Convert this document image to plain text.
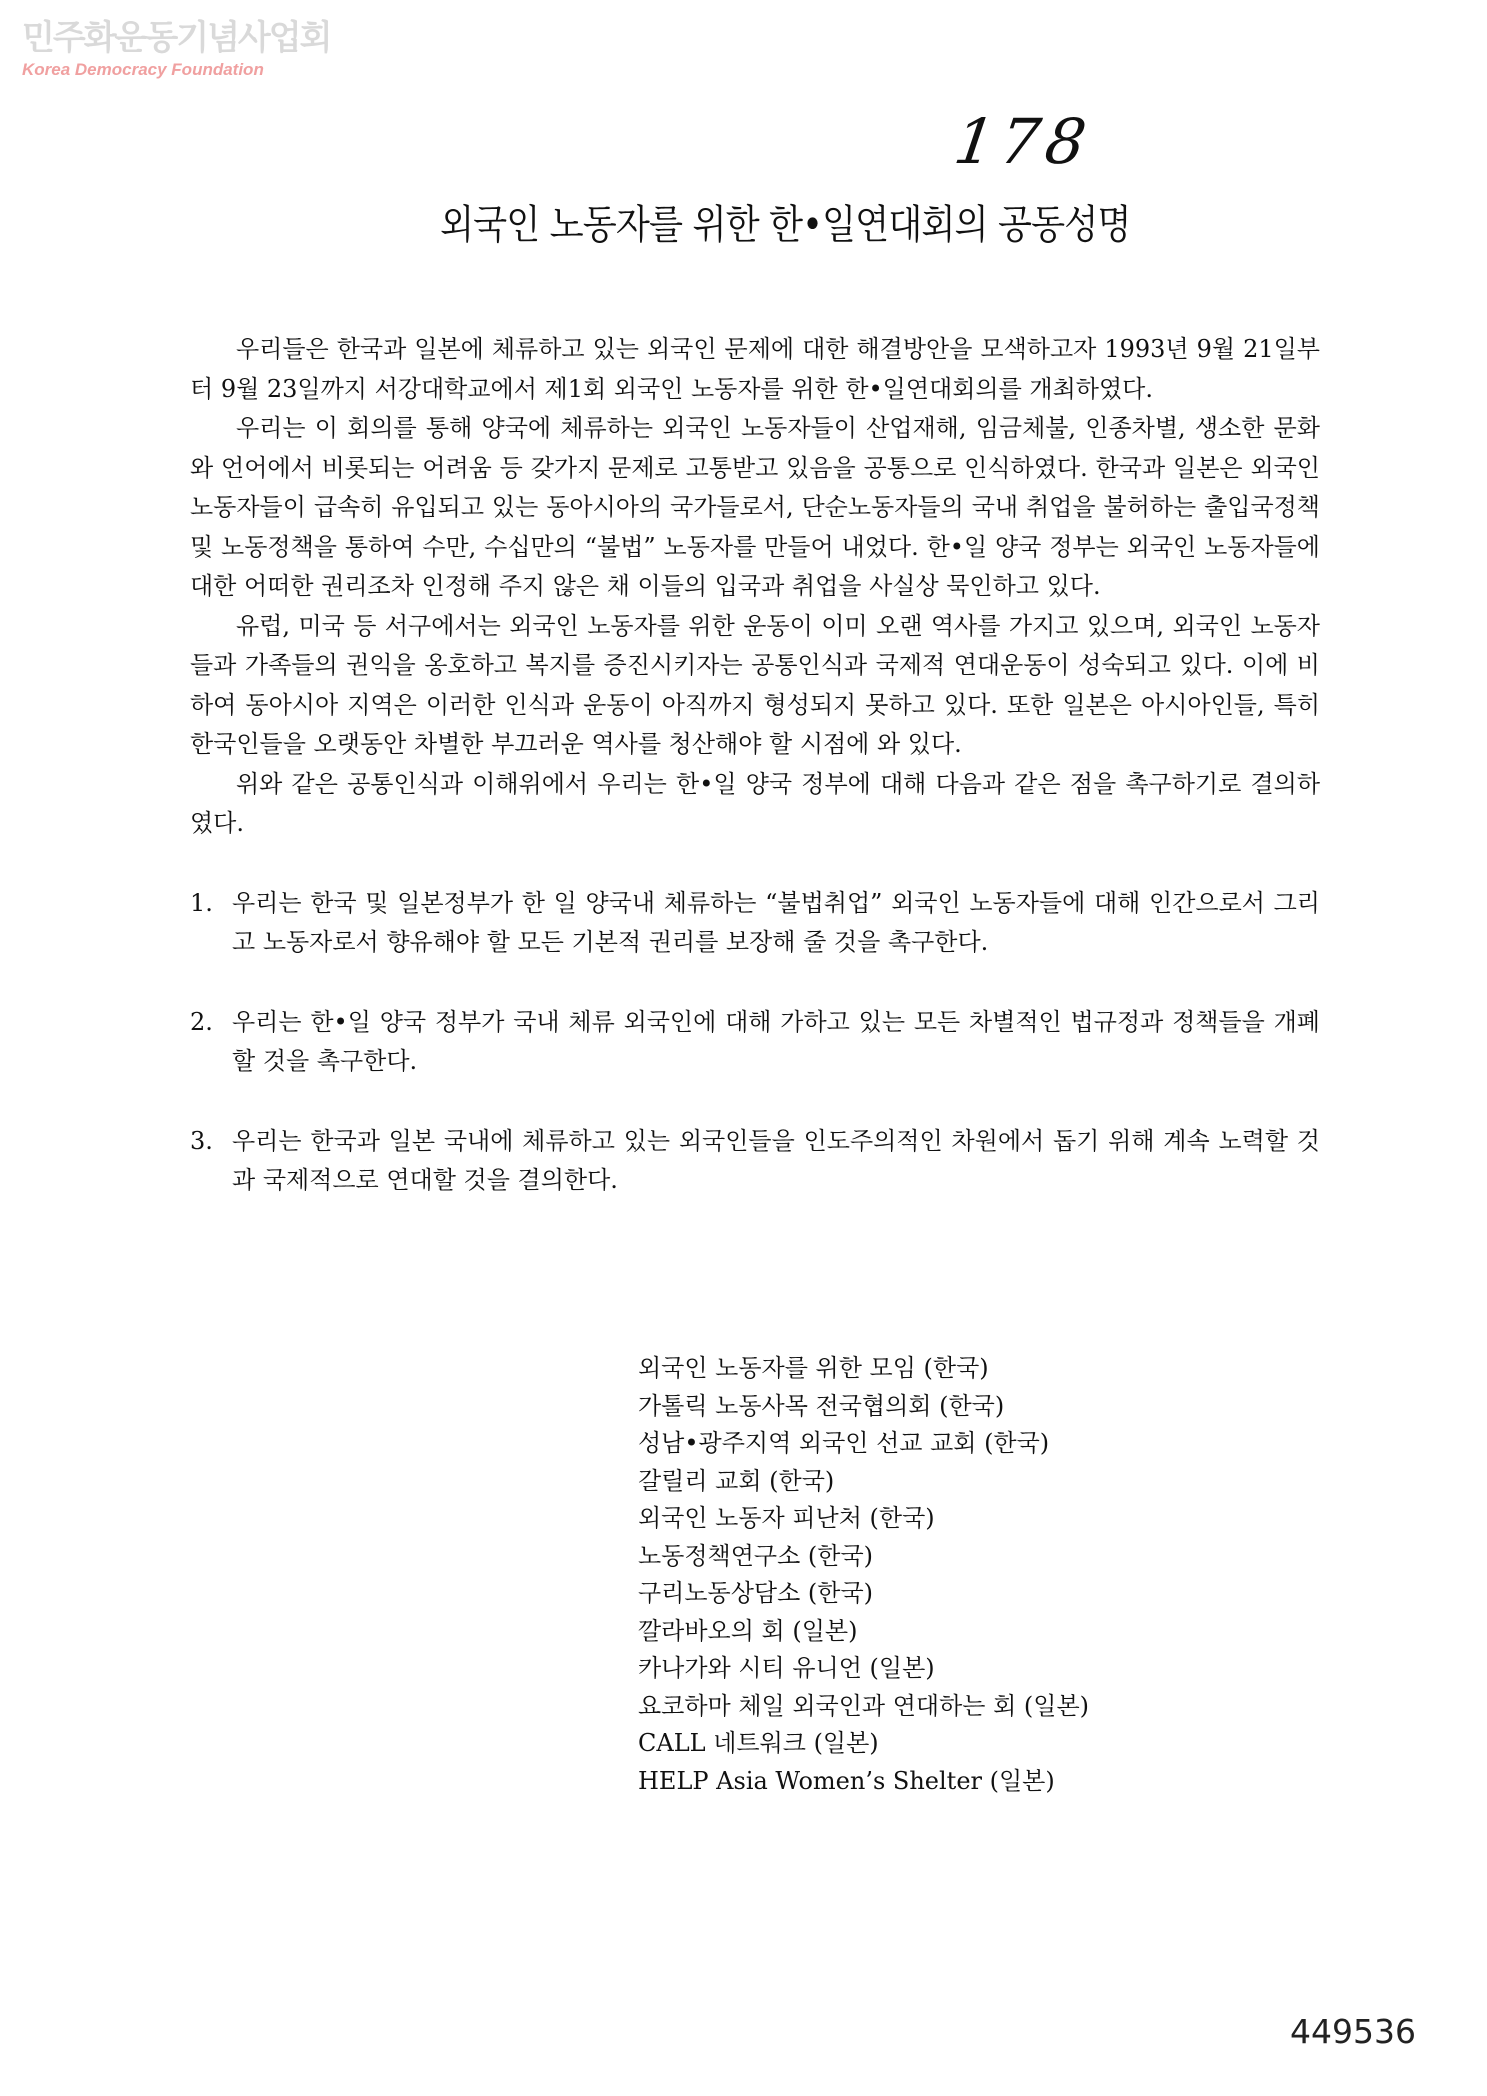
민주화운동기념사업회
Korea Democracy Foundation
178
외국인 노동자를 위한 한•일연대회의 공동성명

우리들은 한국과 일본에 체류하고 있는 외국인 문제에 대한 해결방안을 모색하고자 1993년 9월 21일부터 9월 23일까지 서강대학교에서 제1회 외국인 노동자를 위한 한•일연대회의를 개최하였다.

우리는 이 회의를 통해 양국에 체류하는 외국인 노동자들이 산업재해, 임금체불, 인종차별, 생소한 문화와 언어에서 비롯되는 어려움 등 갖가지 문제로 고통받고 있음을 공통으로 인식하였다. 한국과 일본은 외국인 노동자들이 급속히 유입되고 있는 동아시아의 국가들로서, 단순노동자들의 국내 취업을 불허하는 출입국정책 및 노동정책을 통하여 수만, 수십만의 “불법” 노동자를 만들어 내었다. 한•일 양국 정부는 외국인 노동자들에 대한 어떠한 권리조차 인정해 주지 않은 채 이들의 입국과 취업을 사실상 묵인하고 있다.

유럽, 미국 등 서구에서는 외국인 노동자를 위한 운동이 이미 오랜 역사를 가지고 있으며, 외국인 노동자들과 가족들의 권익을 옹호하고 복지를 증진시키자는 공통인식과 국제적 연대운동이 성숙되고 있다. 이에 비하여 동아시아 지역은 이러한 인식과 운동이 아직까지 형성되지 못하고 있다. 또한 일본은 아시아인들, 특히 한국인들을 오랫동안 차별한 부끄러운 역사를 청산해야 할 시점에 와 있다.

위와 같은 공통인식과 이해위에서 우리는 한•일 양국 정부에 대해 다음과 같은 점을 촉구하기로 결의하였다.

1. 우리는 한국 및 일본정부가 한 일 양국내 체류하는 “불법취업” 외국인 노동자들에 대해 인간으로서 그리고 노동자로서 향유해야 할 모든 기본적 권리를 보장해 줄 것을 촉구한다.
2. 우리는 한•일 양국 정부가 국내 체류 외국인에 대해 가하고 있는 모든 차별적인 법규정과 정책들을 개폐할 것을 촉구한다.
3. 우리는 한국과 일본 국내에 체류하고 있는 외국인들을 인도주의적인 차원에서 돕기 위해 계속 노력할 것과 국제적으로 연대할 것을 결의한다.
외국인 노동자를 위한 모임 (한국)
가톨릭 노동사목 전국협의회 (한국)
성남•광주지역 외국인 선교 교회 (한국)
갈릴리 교회 (한국)
외국인 노동자 피난처 (한국)
노동정책연구소 (한국)
구리노동상담소 (한국)
깔라바오의 회 (일본)
카나가와 시티 유니언 (일본)
요코하마 체일 외국인과 연대하는 회 (일본)
CALL 네트워크 (일본)
HELP Asia Women’s Shelter (일본)
449536
